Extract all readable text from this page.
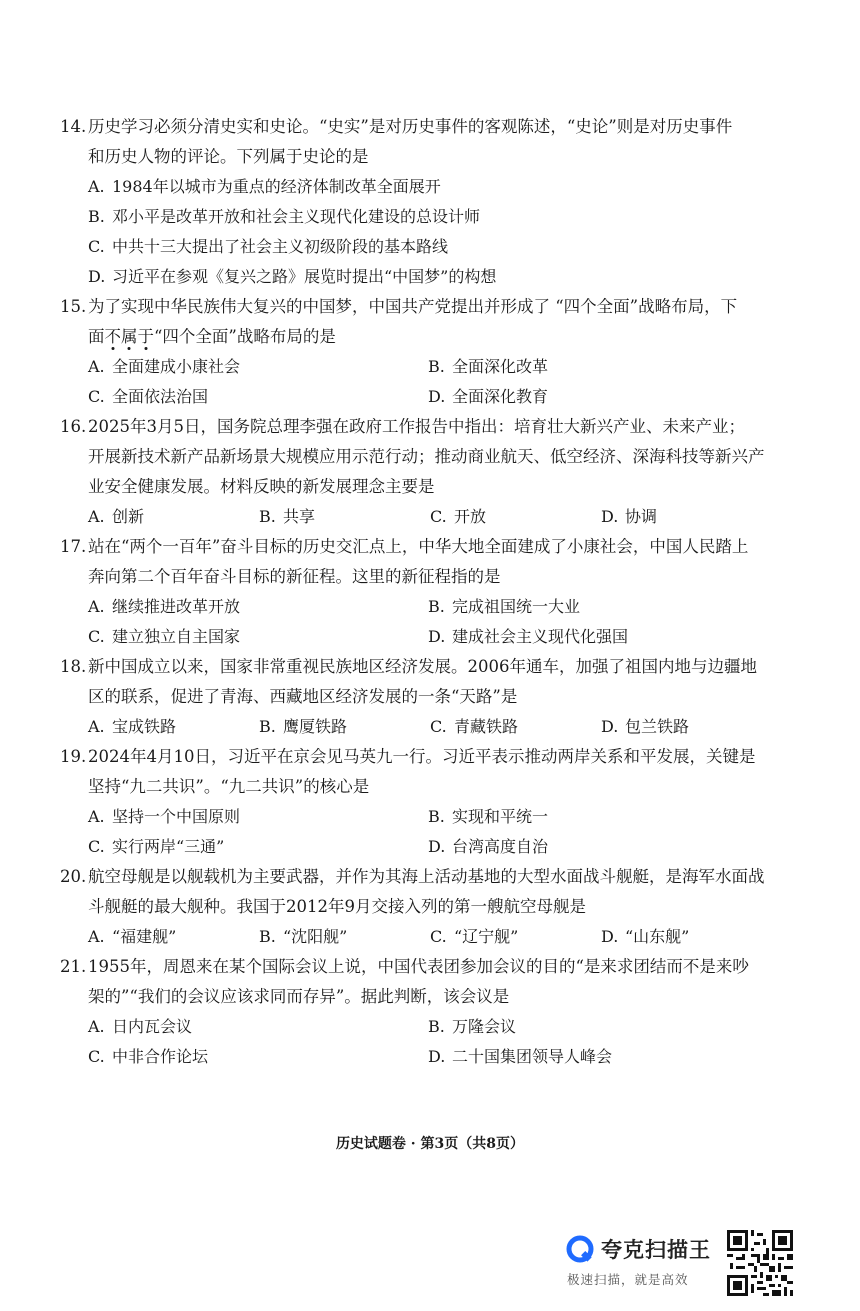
14. 历史学习必须分清史实和史论。“史实”是对历史事件的客观陈述，“史论”则是对历史事件
和历史人物的评论。下列属于史论的是
A. 1984年以城市为重点的经济体制改革全面展开
B. 邓小平是改革开放和社会主义现代化建设的总设计师
C. 中共十三大提出了社会主义初级阶段的基本路线
D. 习近平在参观《复兴之路》展览时提出“中国梦”的构想
15. 为了实现中华民族伟大复兴的中国梦，中国共产党提出并形成了 “四个全面”战略布局，下
面不属于“四个全面”战略布局的是
A. 全面建成小康社会	B. 全面深化改革
C. 全面依法治国	D. 全面深化教育
16. 2025年3月5日，国务院总理李强在政府工作报告中指出：培育壮大新兴产业、未来产业；
开展新技术新产品新场景大规模应用示范行动；推动商业航天、低空经济、深海科技等新兴产
业安全健康发展。材料反映的新发展理念主要是
A. 创新	B. 共享	C. 开放	D. 协调
17. 站在“两个一百年”奋斗目标的历史交汇点上，中华大地全面建成了小康社会，中国人民踏上
奔向第二个百年奋斗目标的新征程。这里的新征程指的是
A. 继续推进改革开放	B. 完成祖国统一大业
C. 建立独立自主国家	D. 建成社会主义现代化强国
18. 新中国成立以来，国家非常重视民族地区经济发展。2006年通车，加强了祖国内地与边疆地
区的联系，促进了青海、西藏地区经济发展的一条“天路”是
A. 宝成铁路	B. 鹰厦铁路	C. 青藏铁路	D. 包兰铁路
19. 2024年4月10日，习近平在京会见马英九一行。习近平表示推动两岸关系和平发展，关键是
坚持“九二共识”。“九二共识”的核心是
A. 坚持一个中国原则	B. 实现和平统一
C. 实行两岸“三通”	D. 台湾高度自治
20. 航空母舰是以舰载机为主要武器，并作为其海上活动基地的大型水面战斗舰艇，是海军水面战
斗舰艇的最大舰种。我国于2012年9月交接入列的第一艘航空母舰是
A. “福建舰”	B. “沈阳舰”	C. “辽宁舰”	D. “山东舰”
21. 1955年，周恩来在某个国际会议上说，中国代表团参加会议的目的“是来求团结而不是来吵
架的”“我们的会议应该求同而存异”。据此判断，该会议是
A. 日内瓦会议	B. 万隆会议
C. 中非合作论坛	D. 二十国集团领导人峰会
历史试题卷 · 第3页（共8页）
夸克扫描王
极速扫描，就是高效
